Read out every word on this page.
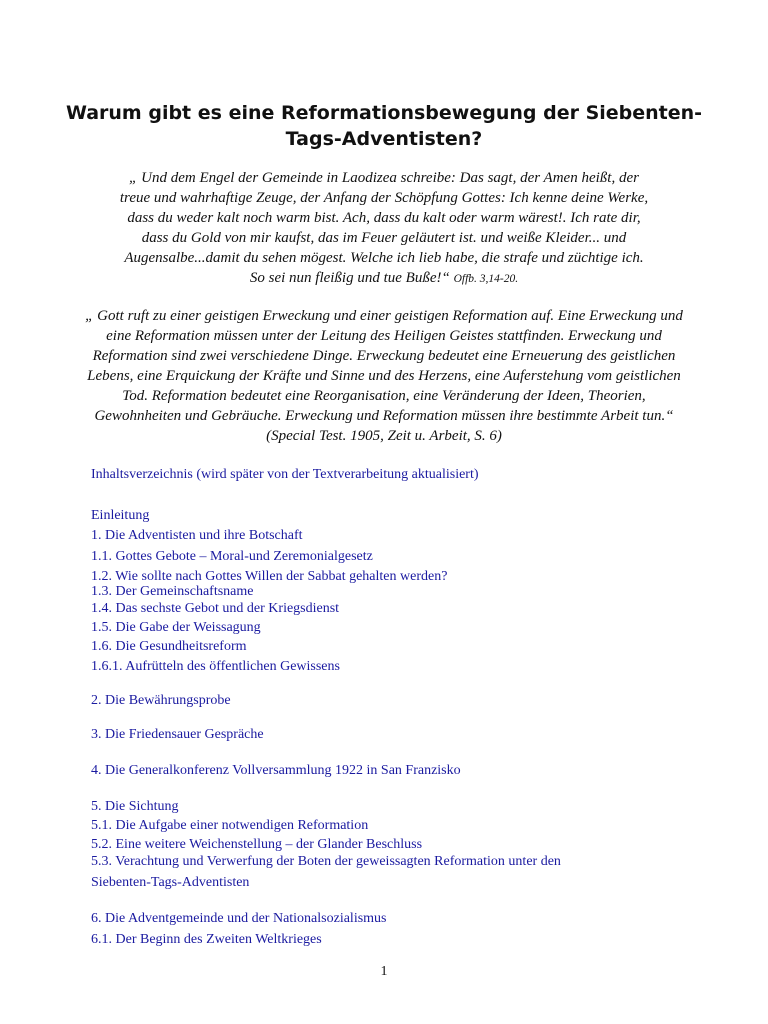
Warum gibt es eine Reformationsbewegung der Siebenten-Tags-Adventisten?
„ Und dem Engel der Gemeinde in Laodizea schreibe: Das sagt, der Amen heißt, der treue und wahrhaftige Zeuge, der Anfang der Schöpfung Gottes: Ich kenne deine Werke, dass du weder kalt noch warm bist. Ach, dass du kalt oder warm wärest!. Ich rate dir, dass du Gold von mir kaufst, das im Feuer geläutert ist. und weiße Kleider... und Augensalbe...damit du sehen mögest. Welche ich lieb habe, die strafe und züchtige ich. So sei nun fleißig und tue Buße!“ Offb. 3,14-20.
„ Gott ruft zu einer geistigen Erweckung und einer geistigen Reformation auf. Eine Erweckung und eine Reformation müssen unter der Leitung des Heiligen Geistes stattfinden. Erweckung und Reformation sind zwei verschiedene Dinge. Erweckung bedeutet eine Erneuerung des geistlichen Lebens, eine Erquickung der Kräfte und Sinne und des Herzens, eine Auferstehung vom geistlichen Tod. Reformation bedeutet eine Reorganisation, eine Veränderung der Ideen, Theorien, Gewohnheiten und Gebräuche. Erweckung und Reformation müssen ihre bestimmte Arbeit tun.“ (Special Test. 1905, Zeit u. Arbeit, S. 6)
Inhaltsverzeichnis (wird später von der Textverarbeitung aktualisiert)
Einleitung
1. Die Adventisten und ihre Botschaft
1.1. Gottes Gebote – Moral-und Zeremonialgesetz
1.2. Wie sollte nach Gottes Willen der Sabbat gehalten werden?
1.3. Der Gemeinschaftsname
1.4. Das sechste Gebot und der Kriegsdienst
1.5. Die Gabe der Weissagung
1.6. Die Gesundheitsreform
1.6.1. Aufrütteln des öffentlichen Gewissens
2. Die Bewährungsprobe
3. Die Friedensauer Gespräche
4. Die Generalkonferenz Vollversammlung 1922 in San Franzisko
5. Die Sichtung
5.1. Die Aufgabe einer notwendigen Reformation
5.2. Eine weitere Weichenstellung – der Glander Beschluss
5.3. Verachtung und Verwerfung der Boten der geweissagten Reformation unter den
Siebenten-Tags-Adventisten
6. Die Adventgemeinde und der Nationalsozialismus
6.1. Der Beginn des Zweiten Weltkrieges
1
